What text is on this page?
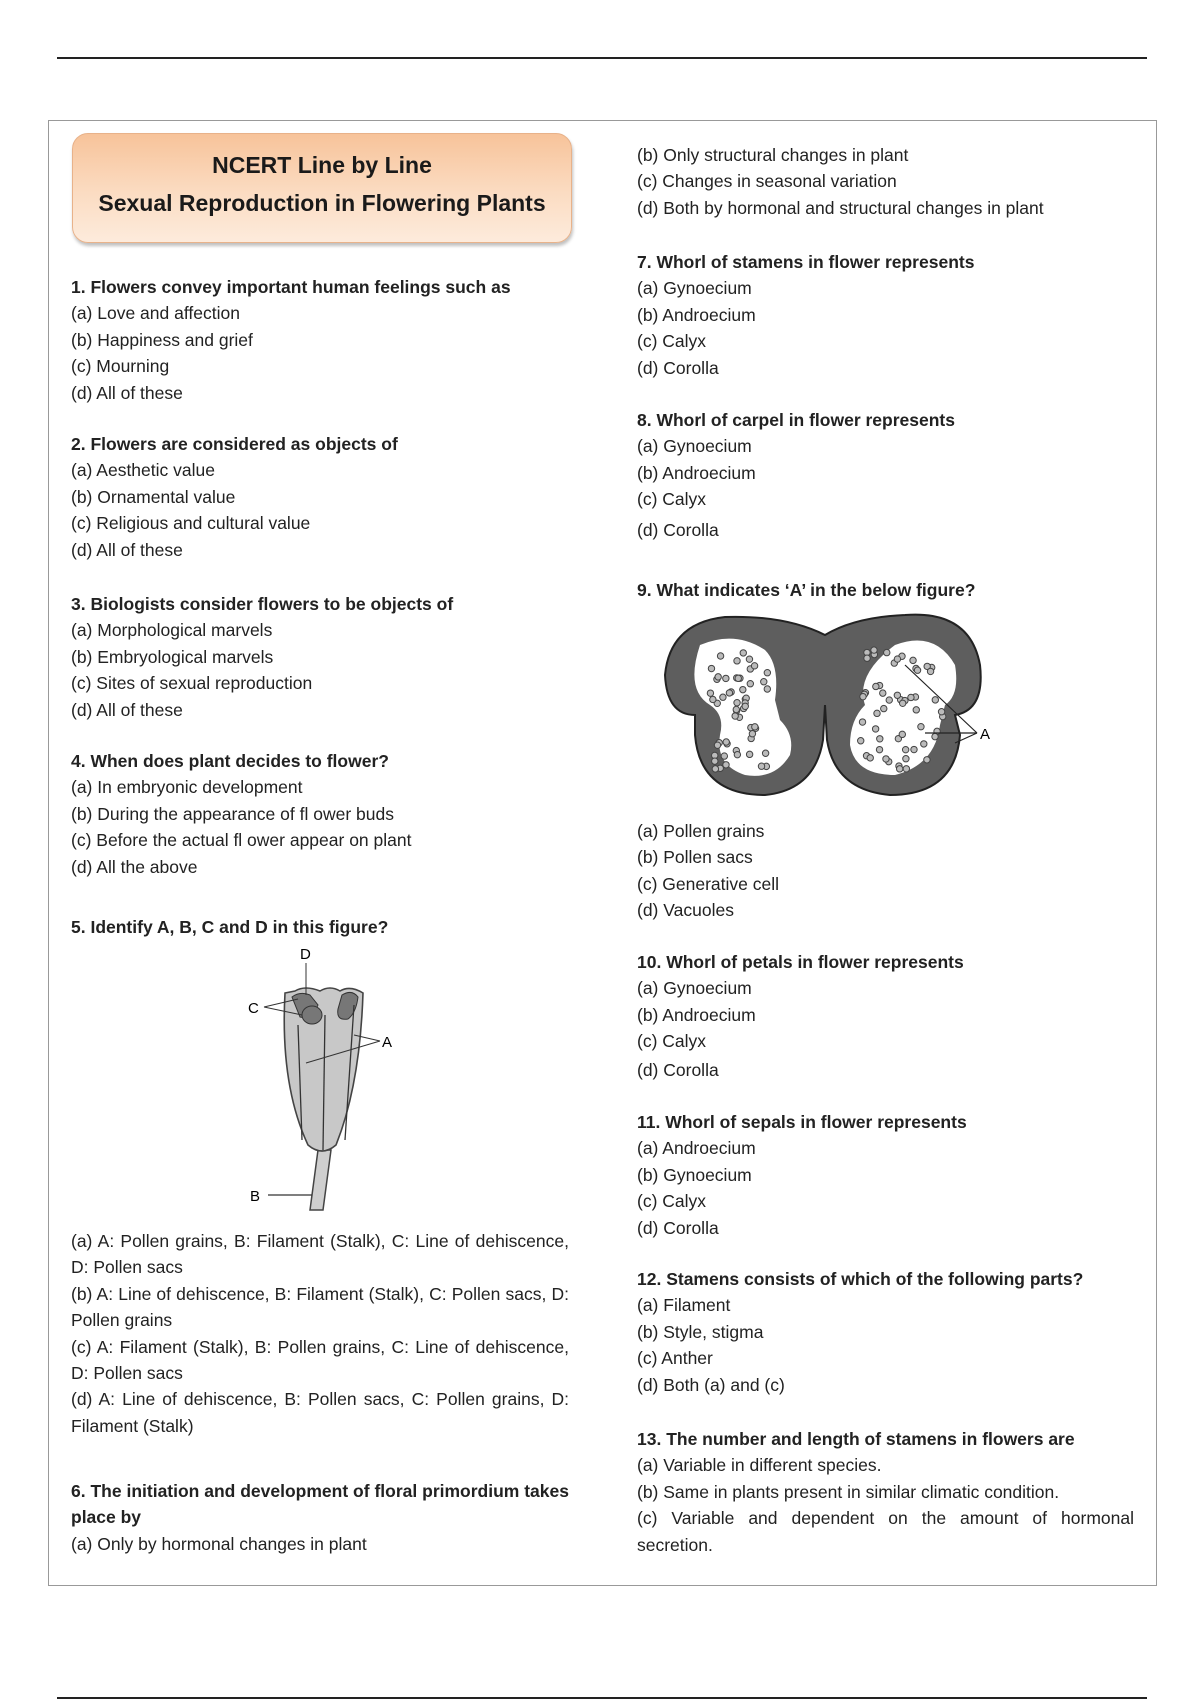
NCERT Line by Line
Sexual Reproduction in Flowering Plants
1. Flowers convey important human feelings such as
(a) Love and affection
(b) Happiness and grief
(c) Mourning
(d) All of these
2. Flowers are considered as objects of
(a) Aesthetic value
(b) Ornamental value
(c) Religious and cultural value
(d) All of these
3. Biologists consider flowers to be objects of
(a) Morphological marvels
(b) Embryological marvels
(c) Sites of sexual reproduction
(d) All of these
4. When does plant decides to flower?
(a) In embryonic development
(b) During the appearance of fl ower buds
(c) Before the actual fl ower appear on plant
(d) All the above
5. Identify A, B, C and D in this figure?
A
B
C
D
(a) A: Pollen grains, B: Filament (Stalk), C: Line of dehiscence, D: Pollen sacs
(b) A: Line of dehiscence, B: Filament (Stalk), C: Pollen sacs, D: Pollen grains
(c) A: Filament (Stalk), B: Pollen grains, C: Line of dehiscence, D: Pollen sacs
(d) A: Line of dehiscence, B: Pollen sacs, C: Pollen grains, D: Filament (Stalk)
6. The initiation and development of floral primordium takes place by
(a) Only by hormonal changes in plant
(b) Only structural changes in plant
(c) Changes in seasonal variation
(d) Both by hormonal and structural changes in plant
7. Whorl of stamens in flower represents
(a) Gynoecium
(b) Androecium
(c) Calyx
(d) Corolla
8. Whorl of carpel in flower represents
(a) Gynoecium
(b) Androecium
(c) Calyx
(d) Corolla
9. What indicates ‘A’ in the below figure?
A
(a) Pollen grains
(b) Pollen sacs
(c) Generative cell
(d) Vacuoles
10. Whorl of petals in flower represents
(a) Gynoecium
(b) Androecium
(c) Calyx
(d) Corolla
11. Whorl of sepals in flower represents
(a) Androecium
(b) Gynoecium
(c) Calyx
(d) Corolla
12. Stamens consists of which of the following parts?
(a) Filament
(b) Style, stigma
(c) Anther
(d) Both (a) and (c)
13. The number and length of stamens in flowers are
(a) Variable in different species.
(b) Same in plants present in similar climatic condition.
(c) Variable and dependent on the amount of hormonal secretion.
